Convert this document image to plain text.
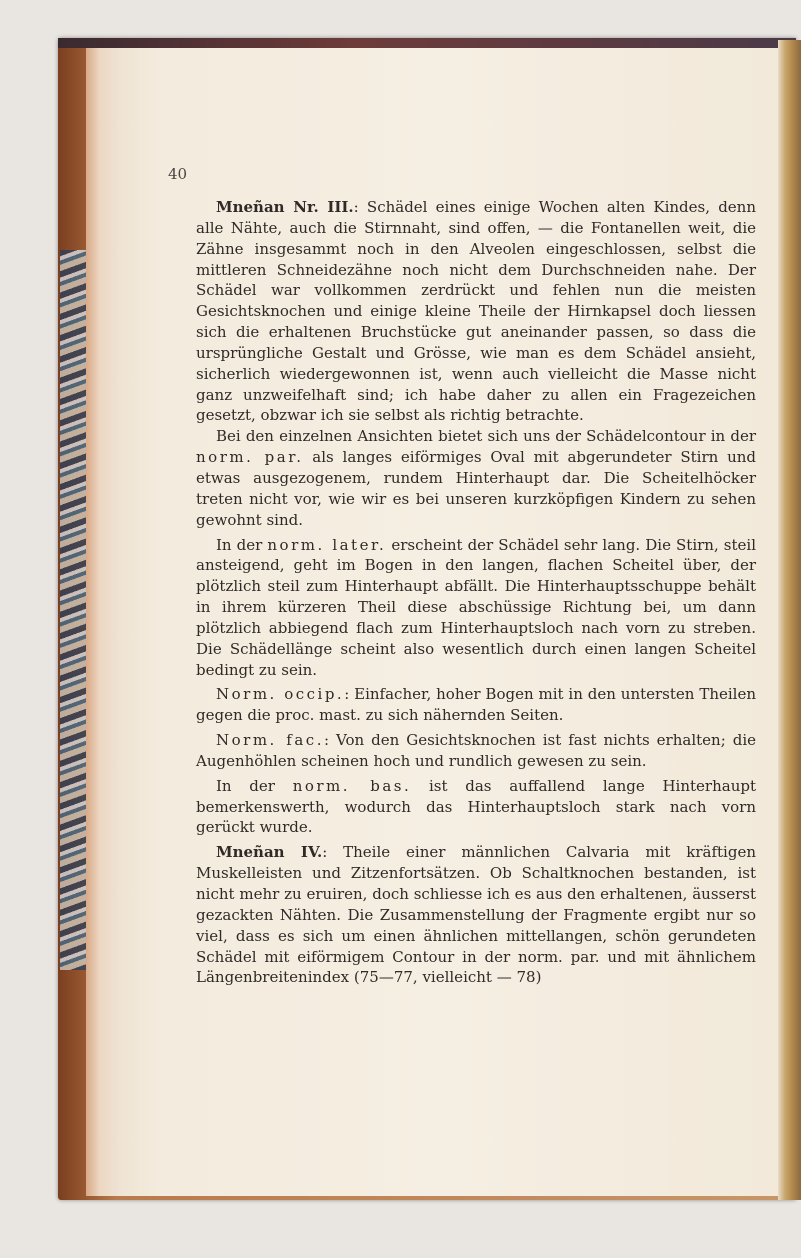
40

Mnеñan Nr. III.: Schädel eines einige Wochen alten Kindes, denn alle Nähte, auch die Stirnnaht, sind offen, — die Fontanellen weit, die Zähne insgesammt noch in den Alveolen eingeschlossen, selbst die mittleren Schneidezähne noch nicht dem Durchschneiden nahe. Der Schädel war vollkommen zerdrückt und fehlen nun die meisten Gesichtsknochen und einige kleine Theile der Hirnkapsel doch liessen sich die erhaltenen Bruchstücke gut aneinander passen, so dass die ursprüngliche Gestalt und Grösse, wie man es dem Schädel ansieht, sicherlich wiedergewonnen ist, wenn auch vielleicht die Masse nicht ganz unzweifelhaft sind; ich habe daher zu allen ein Fragezeichen gesetzt, obzwar ich sie selbst als richtig betrachte.

Bei den einzelnen Ansichten bietet sich uns der Schädelcontour in der norm. par. als langes eiförmiges Oval mit abgerundeter Stirn und etwas ausgezogenem, rundem Hinterhaupt dar. Die Scheitelhöcker treten nicht vor, wie wir es bei unseren kurzköpfigen Kindern zu sehen gewohnt sind.

In der norm. later. erscheint der Schädel sehr lang. Die Stirn, steil ansteigend, geht im Bogen in den langen, flachen Scheitel über, der plötzlich steil zum Hinterhaupt abfällt. Die Hinterhauptsschuppe behält in ihrem kürzeren Theil diese abschüssige Richtung bei, um dann plötzlich abbiegend flach zum Hinterhauptsloch nach vorn zu streben. Die Schädellänge scheint also wesentlich durch einen langen Scheitel bedingt zu sein.

Norm. occip.: Einfacher, hoher Bogen mit in den untersten Theilen gegen die proc. mast. zu sich nähernden Seiten.

Norm. fac.: Von den Gesichtsknochen ist fast nichts erhalten; die Augenhöhlen scheinen hoch und rundlich gewesen zu sein.

In der norm. bas. ist das auffallend lange Hinterhaupt bemerkenswerth, wodurch das Hinterhauptsloch stark nach vorn gerückt wurde.

Mnеñan IV.: Theile einer männlichen Calvaria mit kräftigen Muskelleisten und Zitzenfortsätzen. Ob Schaltknochen bestanden, ist nicht mehr zu eruiren, doch schliesse ich es aus den erhaltenen, äusserst gezackten Nähten. Die Zusammenstellung der Fragmente ergibt nur so viel, dass es sich um einen ähnlichen mittellangen, schön gerundeten Schädel mit eiförmigem Contour in der norm. par. und mit ähnlichem Längenbreitenindex (75—77, vielleicht — 78)
